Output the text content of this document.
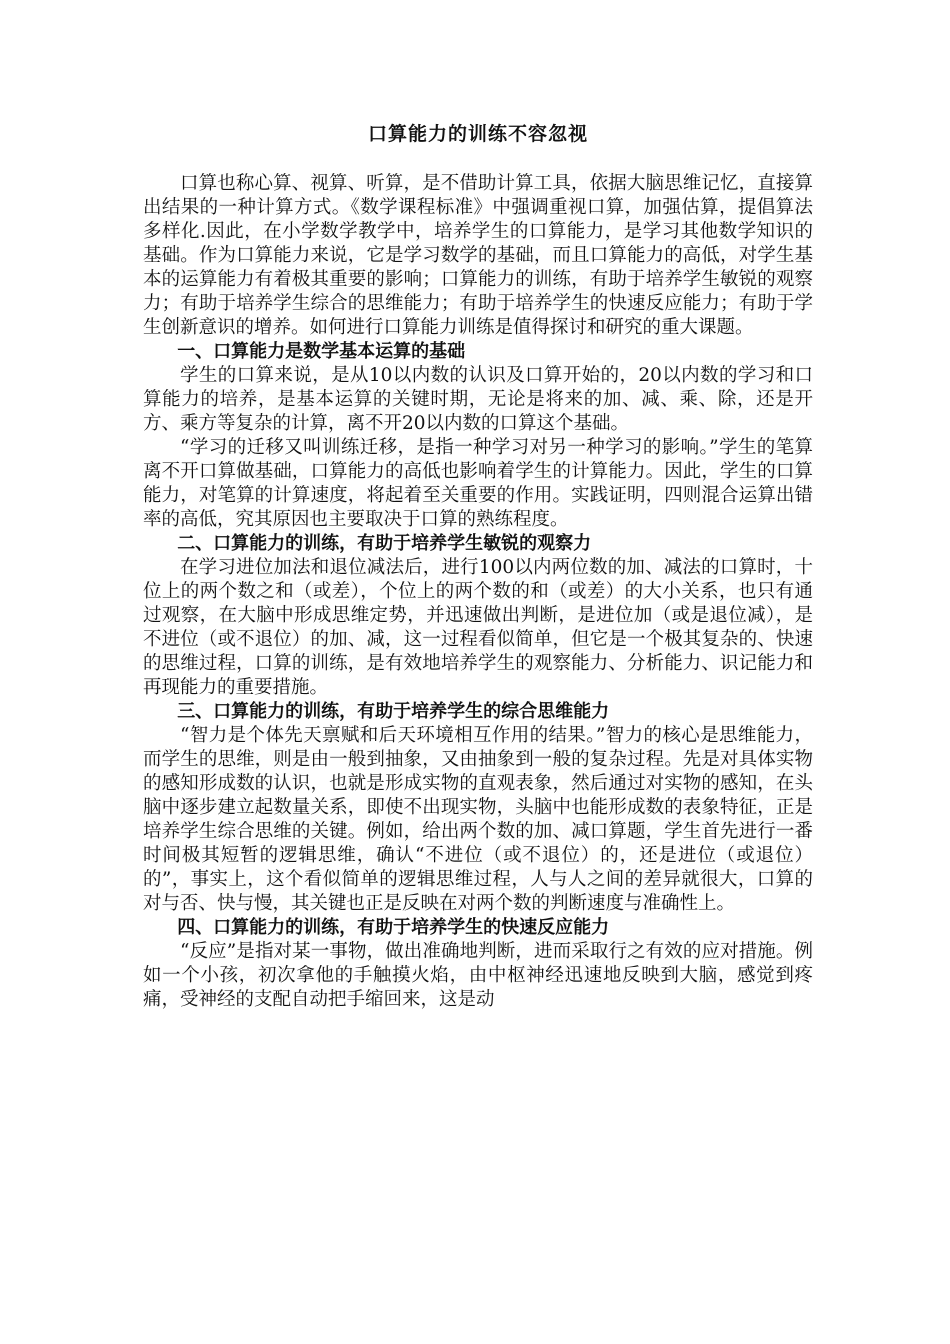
口算能力的训练不容忽视

口算也称心算、视算、听算，是不借助计算工具，依据大脑思维记忆，直接算出结果的一种计算方式。《数学课程标准》中强调重视口算，加强估算，提倡算法多样化.因此，在小学数学教学中，培养学生的口算能力，是学习其他数学知识的基础。作为口算能力来说，它是学习数学的基础，而且口算能力的高低，对学生基本的运算能力有着极其重要的影响；口算能力的训练，有助于培养学生敏锐的观察力；有助于培养学生综合的思维能力；有助于培养学生的快速反应能力；有助于学生创新意识的增养。如何进行口算能力训练是值得探讨和研究的重大课题。

一、口算能力是数学基本运算的基础

学生的口算来说，是从10以内数的认识及口算开始的，20以内数的学习和口算能力的培养，是基本运算的关键时期，无论是将来的加、减、乘、除，还是开方、乘方等复杂的计算，离不开20以内数的口算这个基础。

“学习的迁移又叫训练迁移，是指一种学习对另一种学习的影响。”学生的笔算离不开口算做基础，口算能力的高低也影响着学生的计算能力。因此，学生的口算能力，对笔算的计算速度，将起着至关重要的作用。实践证明，四则混合运算出错率的高低，究其原因也主要取决于口算的熟练程度。

二、口算能力的训练，有助于培养学生敏锐的观察力

在学习进位加法和退位减法后，进行100以内两位数的加、减法的口算时，十位上的两个数之和（或差），个位上的两个数的和（或差）的大小关系，也只有通过观察，在大脑中形成思维定势，并迅速做出判断，是进位加（或是退位减），是不进位（或不退位）的加、减，这一过程看似简单，但它是一个极其复杂的、快速的思维过程，口算的训练，是有效地培养学生的观察能力、分析能力、识记能力和再现能力的重要措施。

三、口算能力的训练，有助于培养学生的综合思维能力

“智力是个体先天禀赋和后天环境相互作用的结果。”智力的核心是思维能力，而学生的思维，则是由一般到抽象，又由抽象到一般的复杂过程。先是对具体实物的感知形成数的认识，也就是形成实物的直观表象，然后通过对实物的感知，在头脑中逐步建立起数量关系，即使不出现实物，头脑中也能形成数的表象特征，正是培养学生综合思维的关键。例如，给出两个数的加、减口算题，学生首先进行一番时间极其短暂的逻辑思维，确认“不进位（或不退位）的，还是进位（或退位）的”，事实上，这个看似简单的逻辑思维过程，人与人之间的差异就很大，口算的对与否、快与慢，其关键也正是反映在对两个数的判断速度与准确性上。

四、口算能力的训练，有助于培养学生的快速反应能力

“反应”是指对某一事物，做出准确地判断，进而采取行之有效的应对措施。例如一个小孩，初次拿他的手触摸火焰，由中枢神经迅速地反映到大脑，感觉到疼痛，受神经的支配自动把手缩回来，这是动
